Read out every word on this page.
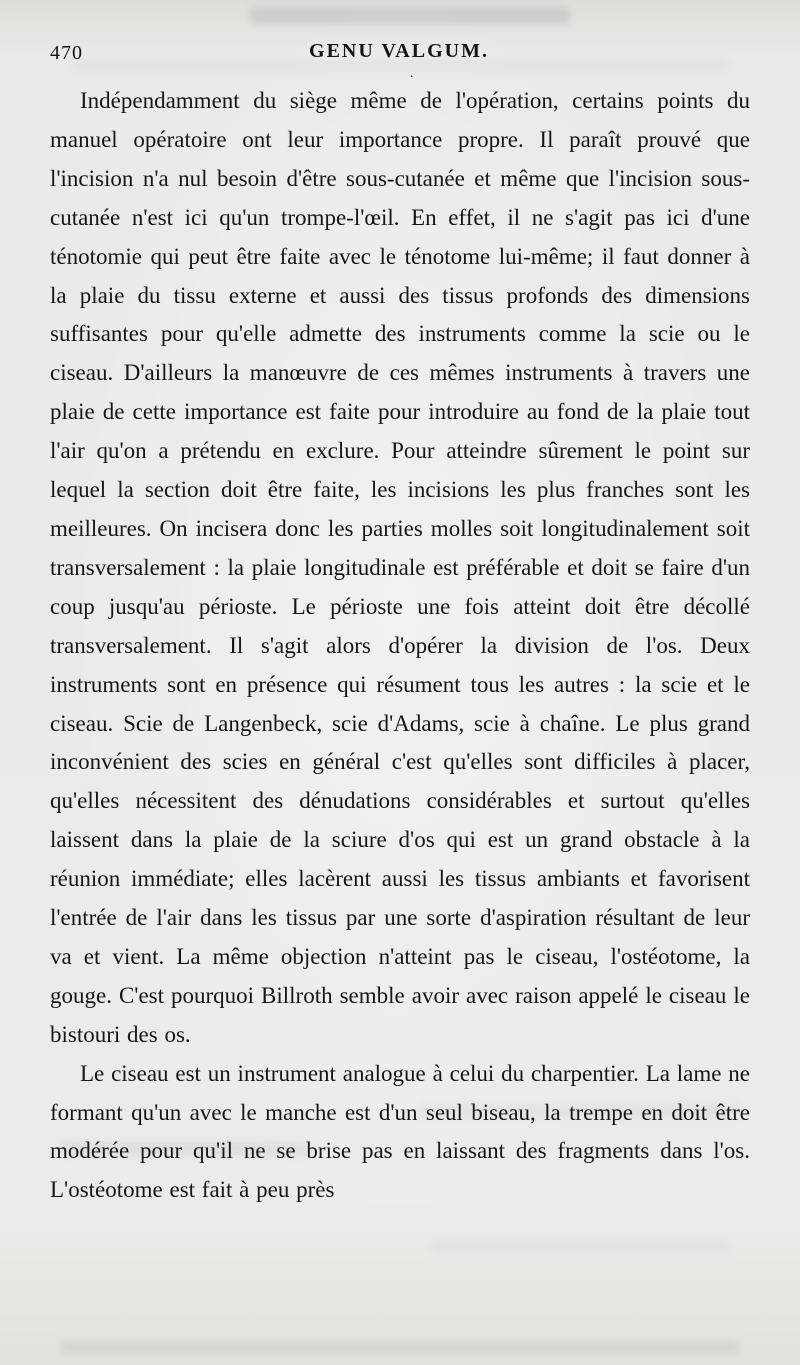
470	GENU VALGUM.
.

Indépendamment du siège même de l'opération, certains points du manuel opératoire ont leur importance propre. Il paraît prouvé que l'incision n'a nul besoin d'être sous-cutanée et même que l'incision sous-cutanée n'est ici qu'un trompe-l'œil. En effet, il ne s'agit pas ici d'une ténotomie qui peut être faite avec le ténotome lui-même; il faut donner à la plaie du tissu externe et aussi des tissus profonds des dimensions suffisantes pour qu'elle admette des instruments comme la scie ou le ciseau. D'ailleurs la manœuvre de ces mêmes instruments à travers une plaie de cette importance est faite pour introduire au fond de la plaie tout l'air qu'on a prétendu en exclure. Pour atteindre sûrement le point sur lequel la section doit être faite, les incisions les plus franches sont les meilleures. On incisera donc les parties molles soit longitudinalement soit transversalement : la plaie longitudinale est préférable et doit se faire d'un coup jusqu'au périoste. Le périoste une fois atteint doit être décollé transversalement. Il s'agit alors d'opérer la division de l'os. Deux instruments sont en présence qui résument tous les autres : la scie et le ciseau. Scie de Langenbeck, scie d'Adams, scie à chaîne. Le plus grand inconvénient des scies en général c'est qu'elles sont difficiles à placer, qu'elles nécessitent des dénudations considérables et surtout qu'elles laissent dans la plaie de la sciure d'os qui est un grand obstacle à la réunion immédiate; elles lacèrent aussi les tissus ambiants et favorisent l'entrée de l'air dans les tissus par une sorte d'aspiration résultant de leur va et vient. La même objection n'atteint pas le ciseau, l'ostéotome, la gouge. C'est pourquoi Billroth semble avoir avec raison appelé le ciseau le bistouri des os.

Le ciseau est un instrument analogue à celui du charpentier. La lame ne formant qu'un avec le manche est d'un seul biseau, la trempe en doit être modérée pour qu'il ne se brise pas en laissant des fragments dans l'os. L'ostéotome est fait à peu près
